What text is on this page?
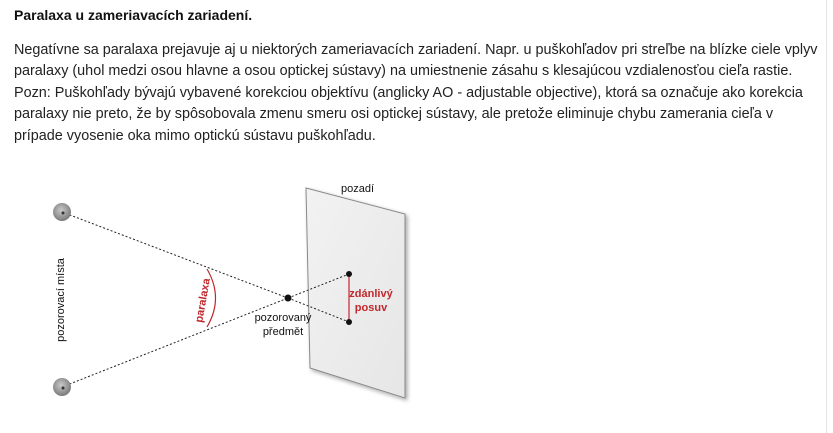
Paralaxa u zameriavacích zariadení.

Negatívne sa paralaxa prejavuje aj u niektorých zameriavacích zariadení. Napr. u puškohľadov pri streľbe na blízke ciele vplyv paralaxy (uhol medzi osou hlavne a osou optickej sústavy) na umiestnenie zásahu s klesajúcou vzdialenosťou cieľa rastie. Pozn: Puškohľady bývajú vybavené korekciou objektívu (anglicky AO - adjustable objective), ktorá sa označuje ako korekcia paralaxy nie preto, že by spôsobovala zmenu smeru osi optickej sústavy, ale pretože eliminuje chybu zamerania cieľa v prípade vyosenie oka mimo optickú sústavu puškohľadu.

pozadí
pozorovací místa	paralaxa	pozorovaný
předmět
zdánlivý
posuv
